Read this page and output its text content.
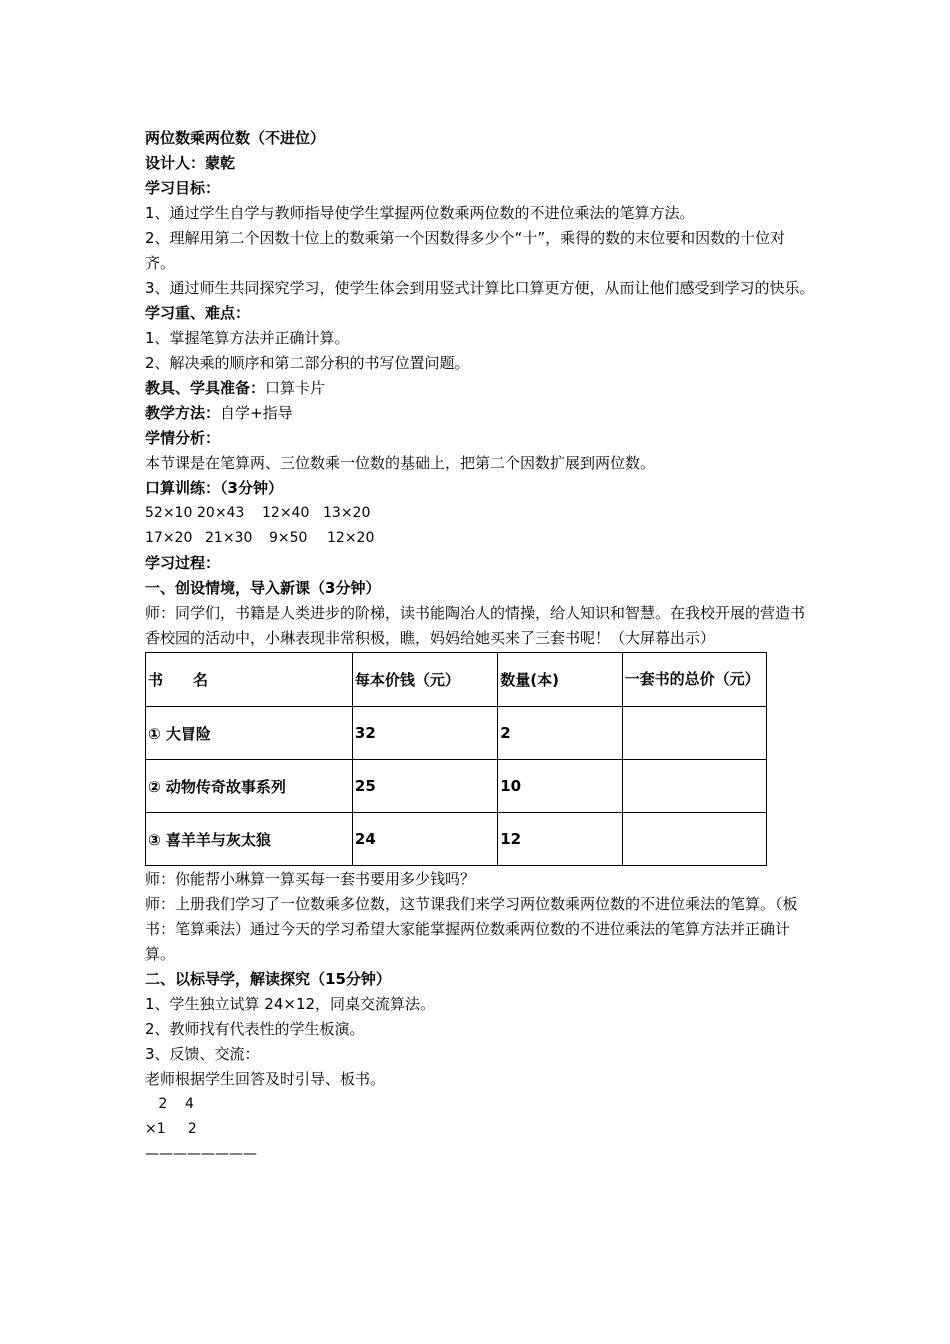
两位数乘两位数（不进位）
设计人：蒙乾
学习目标：
1、通过学生自学与教师指导使学生掌握两位数乘两位数的不进位乘法的笔算方法。
2、理解用第二个因数十位上的数乘第一个因数得多少个“十”，乘得的数的末位要和因数的十位对齐。
3、通过师生共同探究学习，使学生体会到用竖式计算比口算更方便，从而让他们感受到学习的快乐。
学习重、难点：
1、掌握笔算方法并正确计算。
2、解决乘的顺序和第二部分积的书写位置问题。
教具、学具准备：口算卡片
教学方法：自学+指导
学情分析：
本节课是在笔算两、三位数乘一位数的基础上，把第二个因数扩展到两位数。
口算训练：（3分钟）
52×10 20×43 12×40 13×20
17×20 21×30 9×50 12×20
学习过程：
一、创设情境，导入新课（3分钟）
师：同学们，书籍是人类进步的阶梯，读书能陶冶人的情操，给人知识和智慧。在我校开展的营造书香校园的活动中，小琳表现非常积极，瞧，妈妈给她买来了三套书呢！（大屏幕出示）
书　　名	每本价钱（元）	数量(本)	一套书的总价（元）
① 大冒险	32	2	
② 动物传奇故事系列	25	10	
③ 喜羊羊与灰太狼	24	12	
师：你能帮小琳算一算买每一套书要用多少钱吗？
师：上册我们学习了一位数乘多位数，这节课我们来学习两位数乘两位数的不进位乘法的笔算。（板书：笔算乘法）通过今天的学习希望大家能掌握两位数乘两位数的不进位乘法的笔算方法并正确计算。
二、以标导学，解读探究（15分钟）
1、学生独立试算 24×12，同桌交流算法。
2、教师找有代表性的学生板演。
3、反馈、交流：
老师根据学生回答及时引导、板书。
2    4
×1     2
————————
